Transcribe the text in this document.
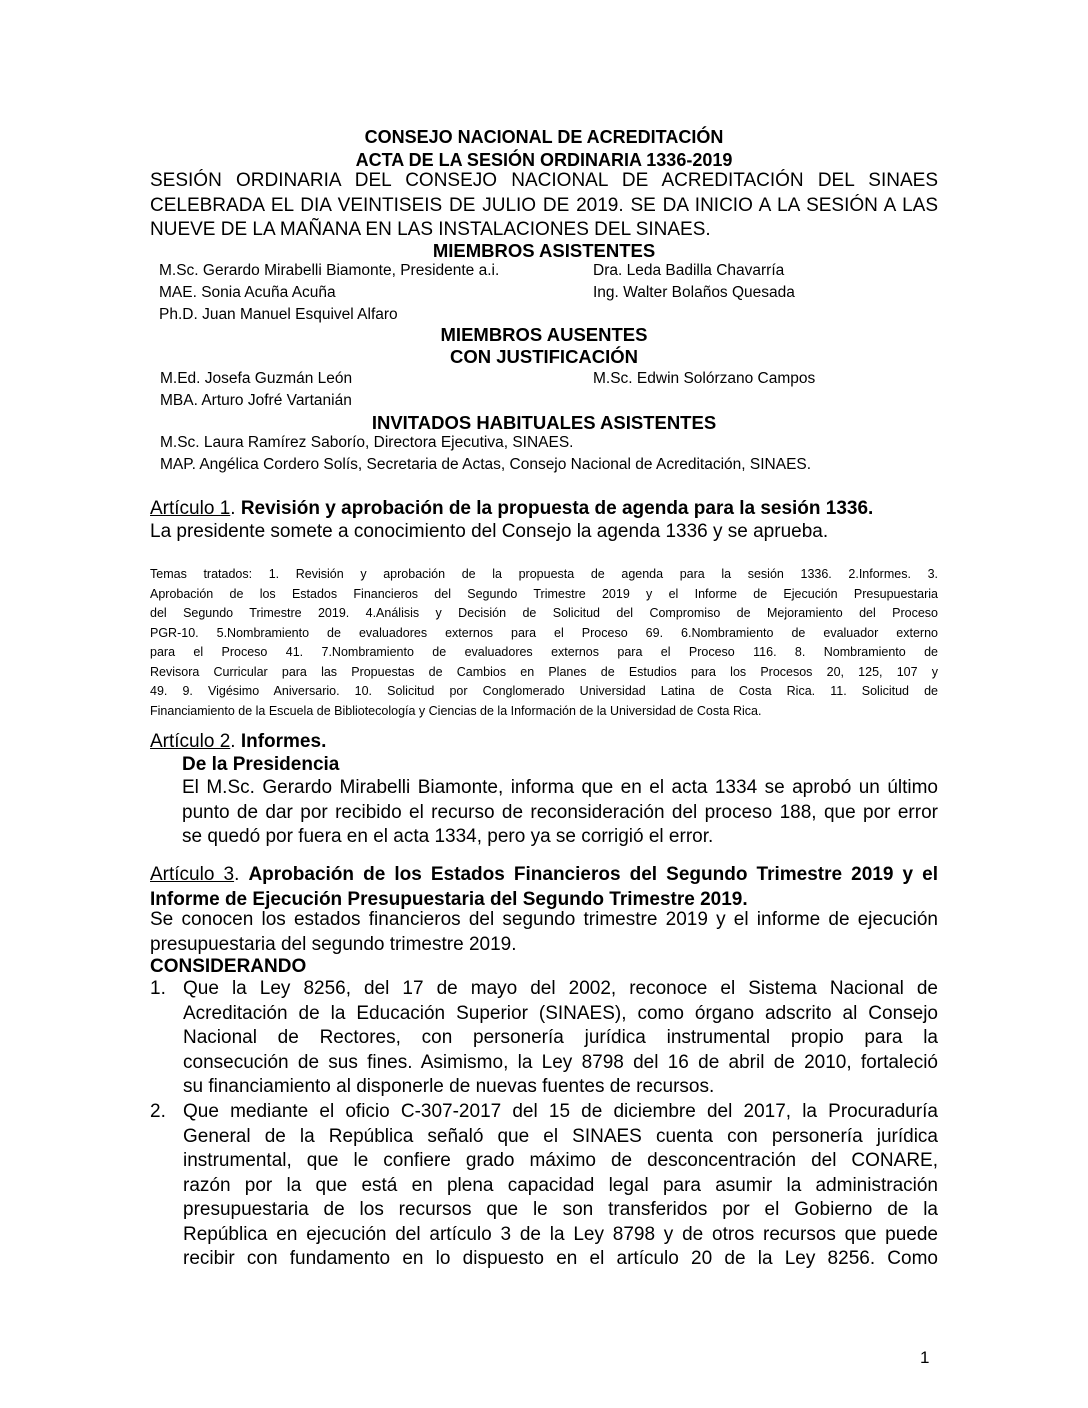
CONSEJO NACIONAL DE ACREDITACIÓN
ACTA DE LA SESIÓN ORDINARIA 1336-2019
SESIÓN ORDINARIA DEL CONSEJO NACIONAL DE ACREDITACIÓN DEL SINAES
CELEBRADA EL DIA VEINTISEIS DE JULIO DE 2019. SE DA INICIO A LA SESIÓN A LAS
NUEVE DE LA MAÑANA EN LAS INSTALACIONES DEL SINAES.
MIEMBROS ASISTENTES
M.Sc. Gerardo Mirabelli Biamonte, Presidente a.i.
MAE. Sonia Acuña Acuña
Ph.D. Juan Manuel Esquivel Alfaro
Dra. Leda Badilla Chavarría
Ing. Walter Bolaños Quesada
MIEMBROS AUSENTES
CON JUSTIFICACIÓN
M.Ed. Josefa Guzmán León
MBA. Arturo Jofré Vartanián
M.Sc. Edwin Solórzano Campos
INVITADOS HABITUALES ASISTENTES
M.Sc. Laura Ramírez Saborío, Directora Ejecutiva, SINAES.
MAP. Angélica Cordero Solís, Secretaria de Actas, Consejo Nacional de Acreditación, SINAES.
Artículo 1. Revisión y aprobación de la propuesta de agenda para la sesión 1336.
La presidente somete a conocimiento del Consejo la agenda 1336 y se aprueba.
Temas tratados: 1. Revisión y aprobación de la propuesta de agenda para la sesión 1336. 2.Informes. 3.
Aprobación de los Estados Financieros del Segundo Trimestre 2019 y el Informe de Ejecución Presupuestaria
del Segundo Trimestre 2019. 4.Análisis y Decisión de Solicitud del Compromiso de Mejoramiento del Proceso
PGR-10. 5.Nombramiento de evaluadores externos para el Proceso 69. 6.Nombramiento de evaluador externo
para el Proceso 41. 7.Nombramiento de evaluadores externos para el Proceso 116. 8. Nombramiento de
Revisora Curricular para las Propuestas de Cambios en Planes de Estudios para los Procesos 20, 125, 107 y
49. 9. Vigésimo Aniversario. 10. Solicitud por Conglomerado Universidad Latina de Costa Rica. 11. Solicitud de
Financiamiento de la Escuela de Bibliotecología y Ciencias de la Información de la Universidad de Costa Rica.
Artículo 2. Informes.
De la Presidencia
El M.Sc. Gerardo Mirabelli Biamonte, informa que en el acta 1334 se aprobó un último
punto de dar por recibido el recurso de reconsideración del proceso 188, que por error
se quedó por fuera en el acta 1334, pero ya se corrigió el error.
Artículo 3. Aprobación de los Estados Financieros del Segundo Trimestre 2019 y el
Informe de Ejecución Presupuestaria del Segundo Trimestre 2019.
Se conocen los estados financieros del segundo trimestre 2019 y el informe de ejecución
presupuestaria del segundo trimestre 2019.
CONSIDERANDO
1. Que la Ley 8256, del 17 de mayo del 2002, reconoce el Sistema Nacional de
Acreditación de la Educación Superior (SINAES), como órgano adscrito al Consejo
Nacional de Rectores, con personería jurídica instrumental propio para la
consecución de sus fines. Asimismo, la Ley 8798 del 16 de abril de 2010, fortaleció
su financiamiento al disponerle de nuevas fuentes de recursos.
2. Que mediante el oficio C-307-2017 del 15 de diciembre del 2017, la Procuraduría
General de la República señaló que el SINAES cuenta con personería jurídica
instrumental, que le confiere grado máximo de desconcentración del CONARE,
razón por la que está en plena capacidad legal para asumir la administración
presupuestaria de los recursos que le son transferidos por el Gobierno de la
República en ejecución del artículo 3 de la Ley 8798 y de otros recursos que puede
recibir con fundamento en lo dispuesto en el artículo 20 de la Ley 8256. Como
1
